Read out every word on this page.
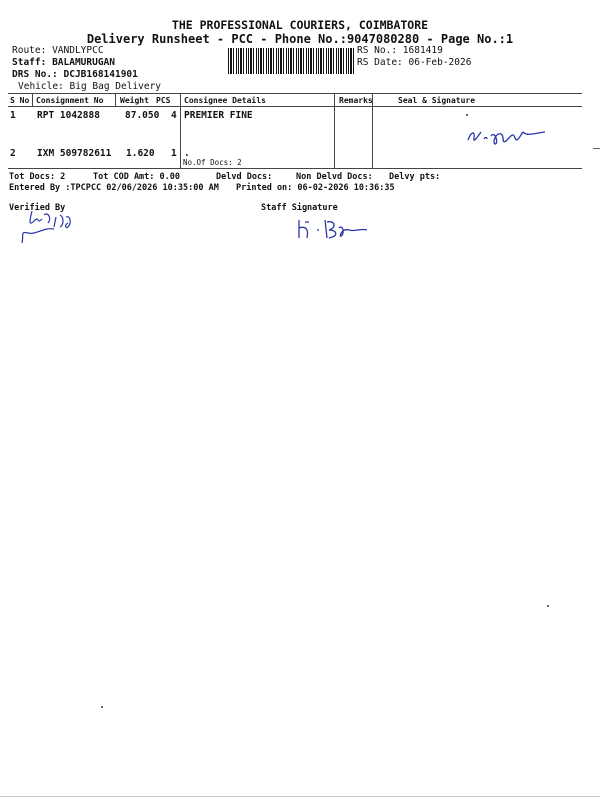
THE PROFESSIONAL COURIERS, COIMBATORE
Delivery Runsheet - PCC - Phone No.:9047080280 - Page No.:1
Route: VANDLYPCC
Staff: BALAMURUGAN
DRS No.: DCJB168141901
Vehicle: Big Bag Delivery
RS No.: 1681419
RS Date: 06-Feb-2026
S No Consignment No Weight PCS Consignee Details	Remarks	Seal & Signature
1 RPT 1042888	87.050 4 PREMIER FINE
2 IXM 509782611 1.620 1 .
No.Of Docs: 2
Tot Docs: 2	Tot COD Amt: 0.00	Delvd Docs:	Non Delvd Docs: Delvy pts:
Entered By :TPCPCC 02/06/2026 10:35:00 AM Printed on: 06-02-2026 10:36:35
Verified By	Staff Signature
